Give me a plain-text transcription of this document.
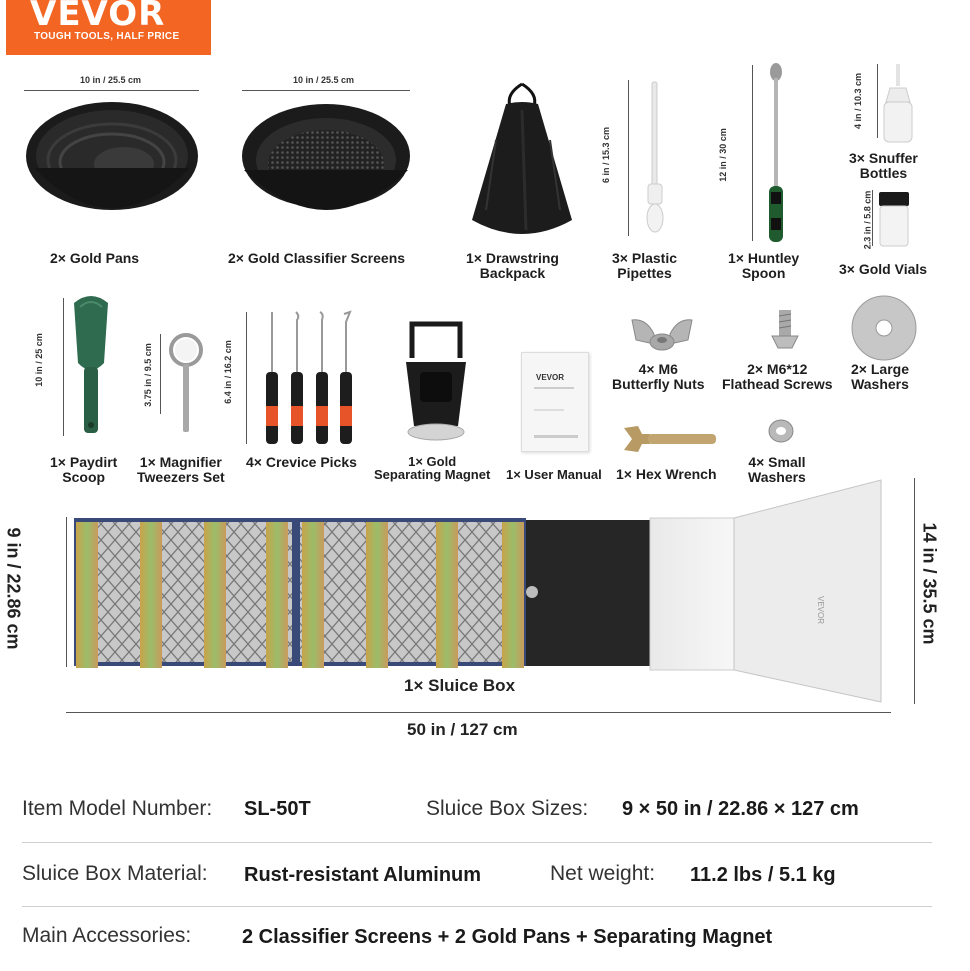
VEVOR
TOUGH TOOLS, HALF PRICE
10 in / 25.5 cm
2× Gold Pans
10 in / 25.5 cm
2× Gold Classifier Screens	1× Drawstring
Backpack
6 in / 15.3 cm
3× Plastic
Pipettes
12 in / 30 cm
1× Huntley
Spoon
4 in / 10.3 cm
3× Snuffer
Bottles
2.3 in / 5.8 cm
3× Gold Vials
10 in / 25 cm
1× Paydirt
Scoop
3.75 in / 9.5 cm
1× Magnifier
Tweezers Set
6.4 in / 16.2 cm
4× Crevice Picks	1× Gold
Separating Magnet
VEVOR
1× User Manual 1× Hex Wrench
4× M6
Butterfly Nuts
2× M6*12
Flathead Screws
2× Large
Washers
4× Small
Washers
9 in / 22.86 cm	VEVOR	14 in / 35.5 cm
1× Sluice Box
50 in / 127 cm
Item Model Number: SL-50T	Sluice Box Sizes: 9 × 50 in / 22.86 × 127 cm
Sluice Box Material: Rust-resistant Aluminum	Net weight: 11.2 lbs / 5.1 kg
Main Accessories:	2 Classifier Screens + 2 Gold Pans + Separating Magnet
